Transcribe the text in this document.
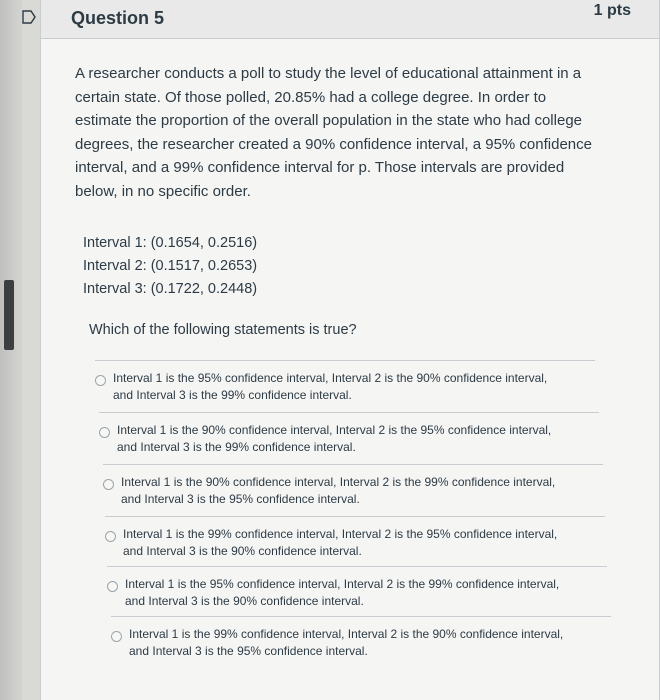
Question 5	1 pts
A researcher conducts a poll to study the level of educational attainment in a certain state. Of those polled, 20.85% had a college degree. In order to estimate the proportion of the overall population in the state who had college degrees, the researcher created a 90% confidence interval, a 95% confidence interval, and a 99% confidence interval for p. Those intervals are provided below, in no specific order.
Interval 1: (0.1654, 0.2516)
Interval 2: (0.1517, 0.2653)
Interval 3: (0.1722, 0.2448)
Which of the following statements is true?
Interval 1 is the 95% confidence interval, Interval 2 is the 90% confidence interval,
and Interval 3 is the 99% confidence interval.
Interval 1 is the 90% confidence interval, Interval 2 is the 95% confidence interval,
and Interval 3 is the 99% confidence interval.
Interval 1 is the 90% confidence interval, Interval 2 is the 99% confidence interval,
and Interval 3 is the 95% confidence interval.
Interval 1 is the 99% confidence interval, Interval 2 is the 95% confidence interval,
and Interval 3 is the 90% confidence interval.
Interval 1 is the 95% confidence interval, Interval 2 is the 99% confidence interval,
and Interval 3 is the 90% confidence interval.
Interval 1 is the 99% confidence interval, Interval 2 is the 90% confidence interval,
and Interval 3 is the 95% confidence interval.
